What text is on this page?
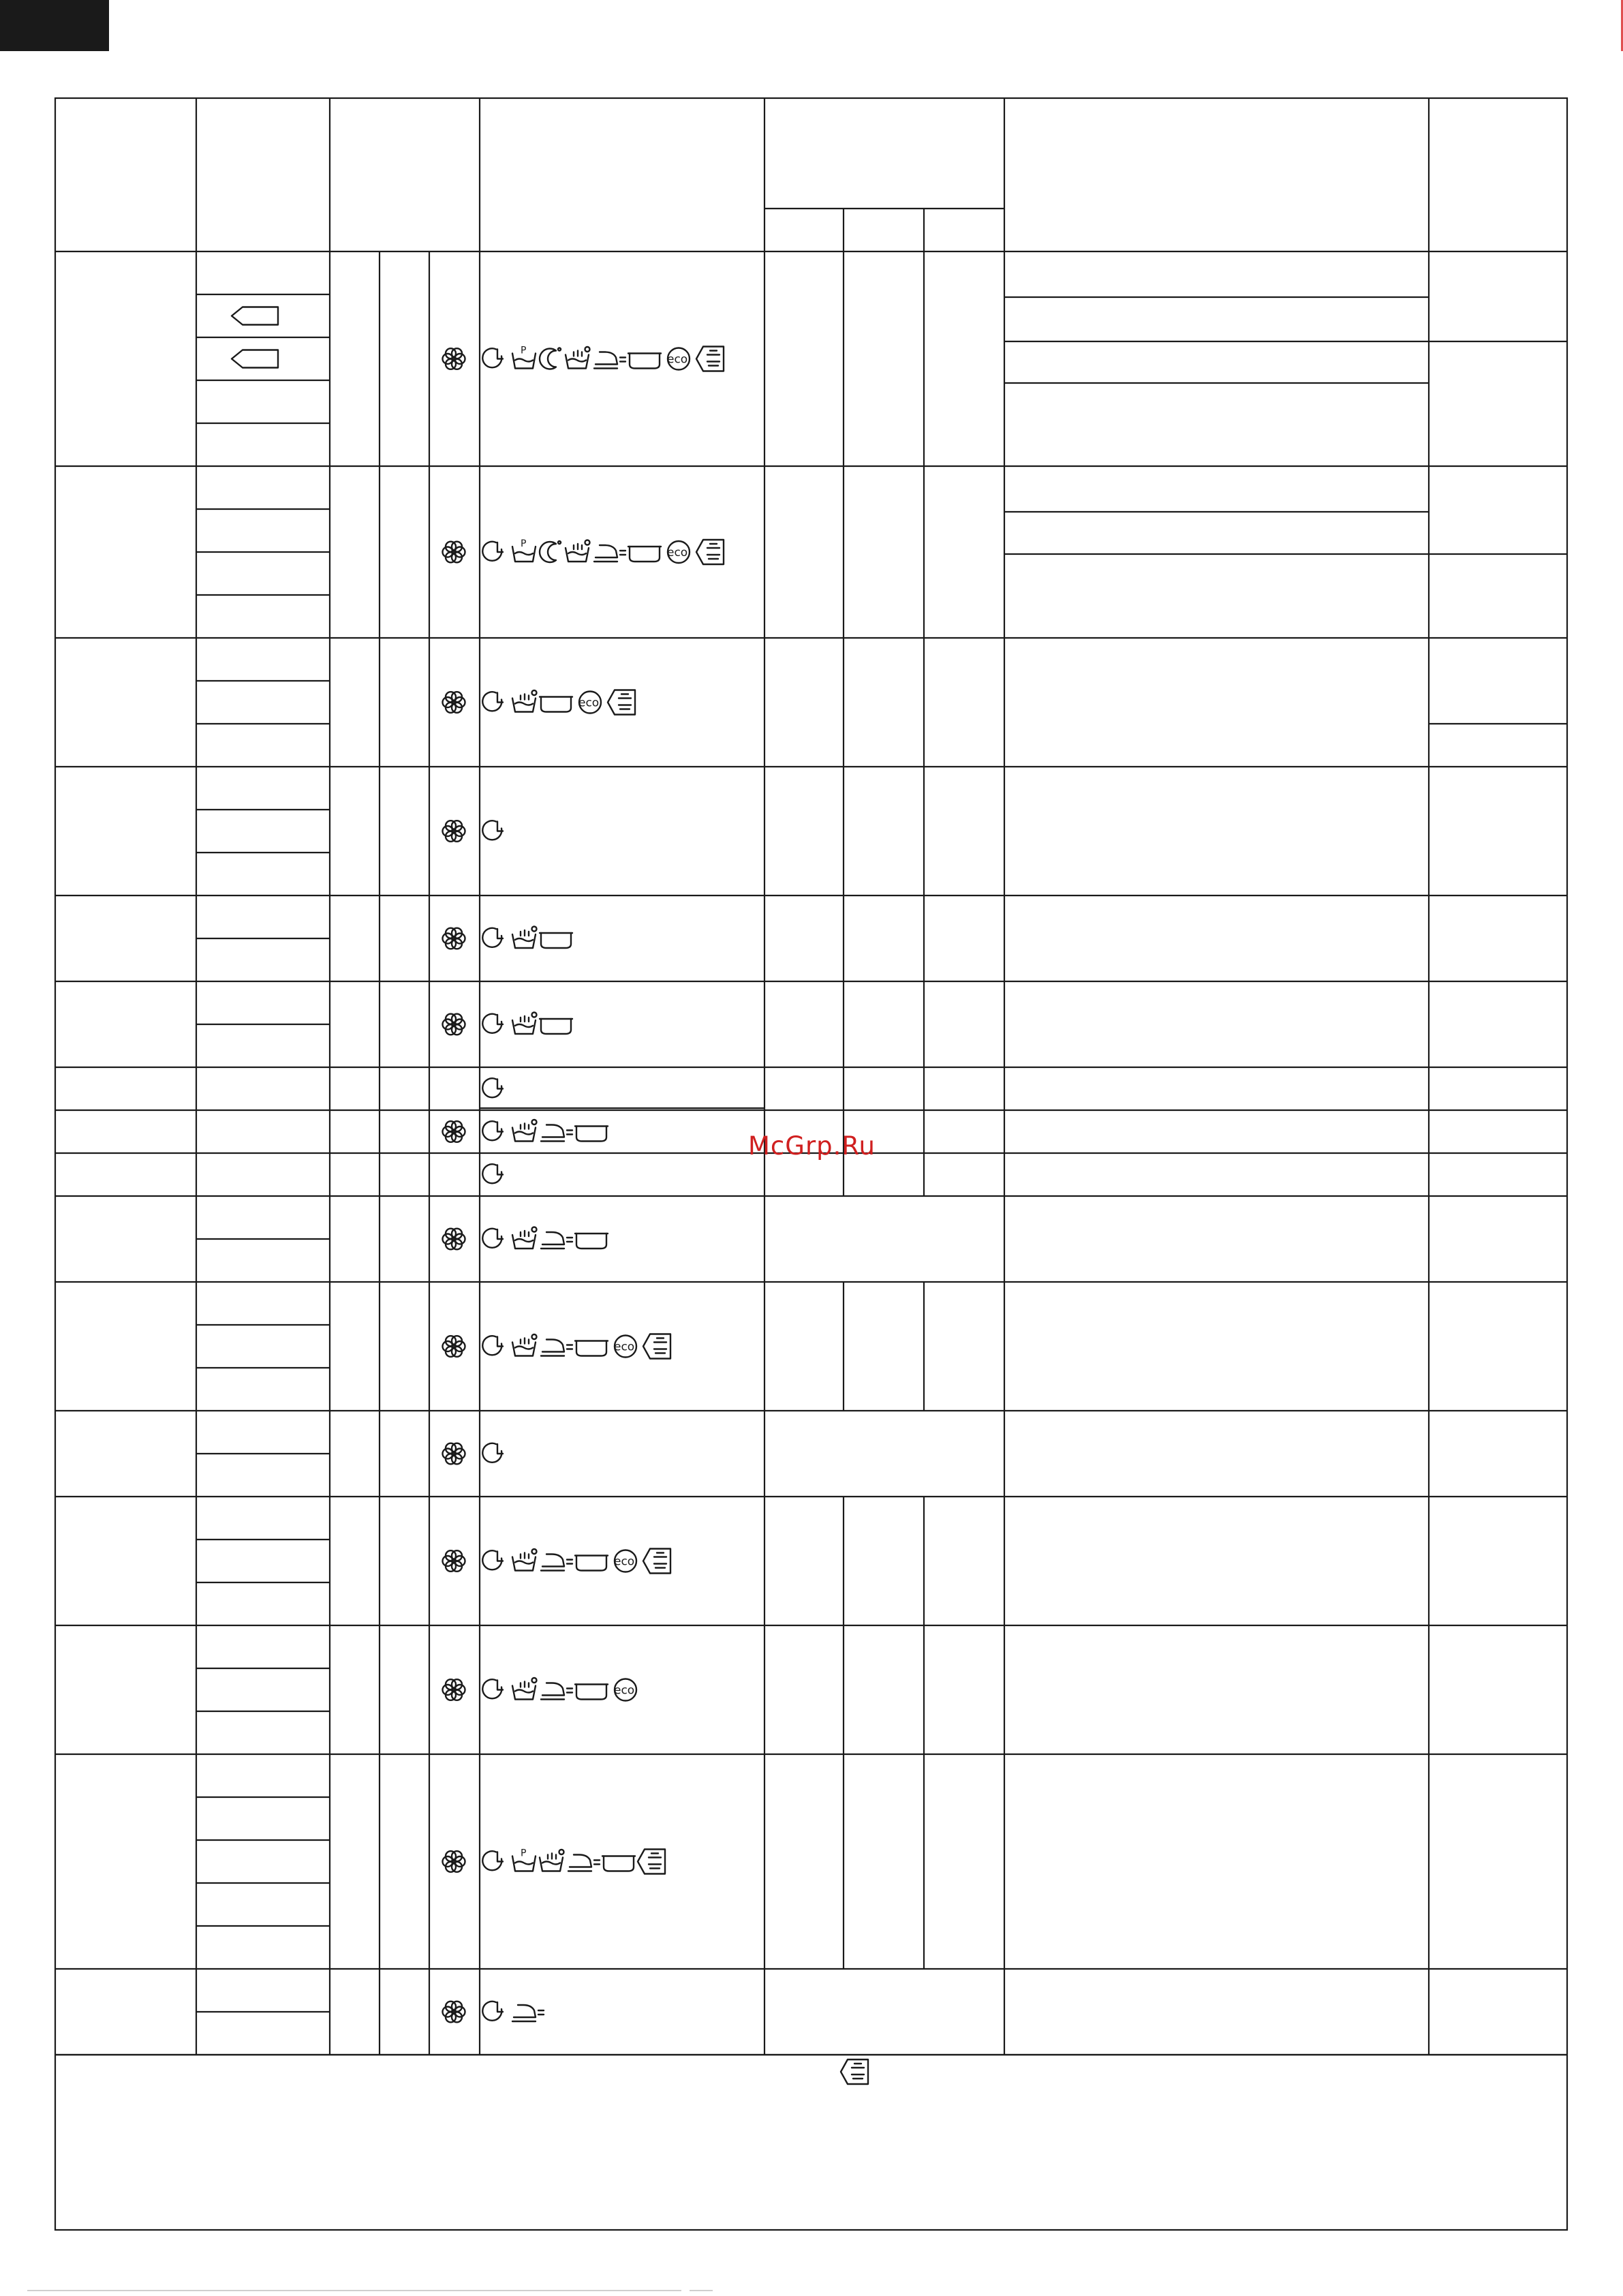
P
eco
P
eco
eco
eco
eco
eco
P
McGrp.Ru
